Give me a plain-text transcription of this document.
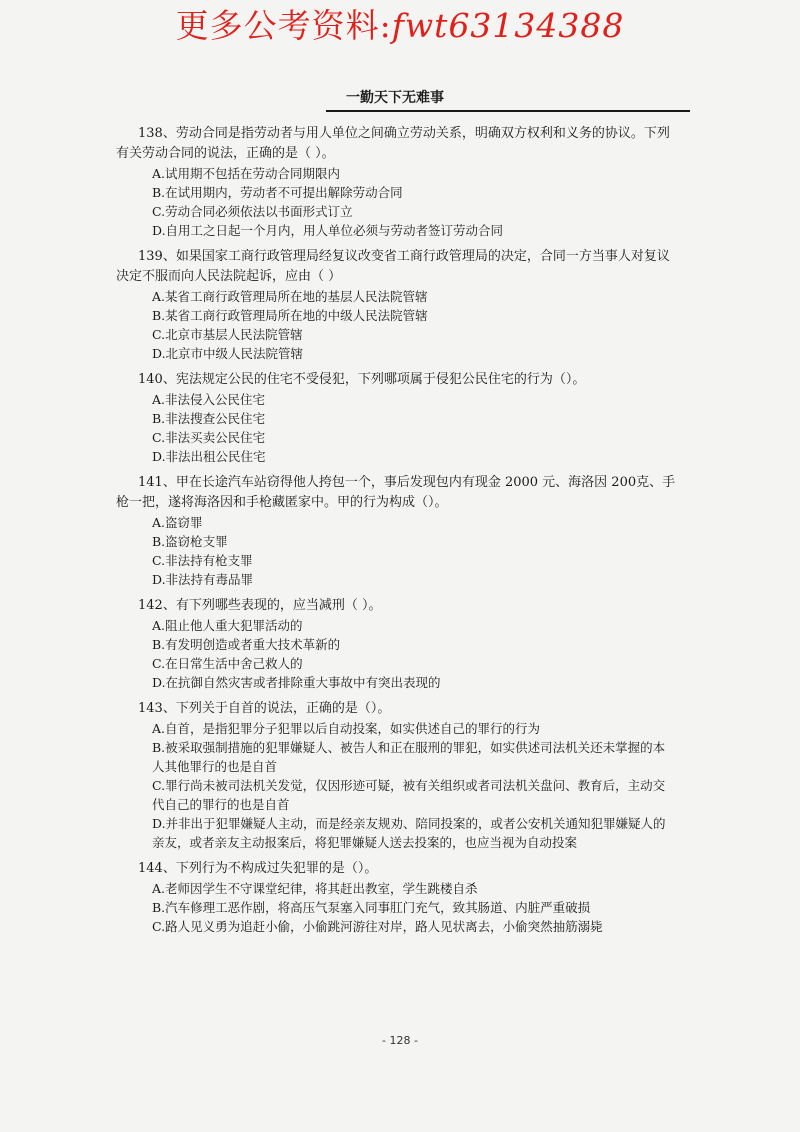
更多公考资料:fwt63134388
一勤天下无难事
138、劳动合同是指劳动者与用人单位之间确立劳动关系，明确双方权利和义务的协议。下列有关劳动合同的说法，正确的是（ ）。
A.试用期不包括在劳动合同期限内
B.在试用期内，劳动者不可提出解除劳动合同
C.劳动合同必须依法以书面形式订立
D.自用工之日起一个月内，用人单位必须与劳动者签订劳动合同
139、如果国家工商行政管理局经复议改变省工商行政管理局的决定，合同一方当事人对复议决定不服而向人民法院起诉，应由（ ）
A.某省工商行政管理局所在地的基层人民法院管辖
B.某省工商行政管理局所在地的中级人民法院管辖
C.北京市基层人民法院管辖
D.北京市中级人民法院管辖
140、宪法规定公民的住宅不受侵犯，下列哪项属于侵犯公民住宅的行为（）。
A.非法侵入公民住宅
B.非法搜查公民住宅
C.非法买卖公民住宅
D.非法出租公民住宅
141、甲在长途汽车站窃得他人挎包一个，事后发现包内有现金 2000 元、海洛因 200克、手枪一把，遂将海洛因和手枪藏匿家中。甲的行为构成（）。
A.盗窃罪
B.盗窃枪支罪
C.非法持有枪支罪
D.非法持有毒品罪
142、有下列哪些表现的，应当减刑（ ）。
A.阻止他人重大犯罪活动的
B.有发明创造或者重大技术革新的
C.在日常生活中舍己救人的
D.在抗御自然灾害或者排除重大事故中有突出表现的
143、下列关于自首的说法，正确的是（）。
A.自首，是指犯罪分子犯罪以后自动投案，如实供述自己的罪行的行为
B.被采取强制措施的犯罪嫌疑人、被告人和正在服刑的罪犯，如实供述司法机关还未掌握的本人其他罪行的也是自首
C.罪行尚未被司法机关发觉，仅因形迹可疑，被有关组织或者司法机关盘问、教育后，主动交代自己的罪行的也是自首
D.并非出于犯罪嫌疑人主动，而是经亲友规劝、陪同投案的，或者公安机关通知犯罪嫌疑人的亲友，或者亲友主动报案后，将犯罪嫌疑人送去投案的，也应当视为自动投案
144、下列行为不构成过失犯罪的是（）。
A.老师因学生不守课堂纪律，将其赶出教室，学生跳楼自杀
B.汽车修理工恶作剧，将高压气泵塞入同事肛门充气，致其肠道、内脏严重破损
C.路人见义勇为追赶小偷，小偷跳河游往对岸，路人见状离去，小偷突然抽筋溺毙
- 128 -
